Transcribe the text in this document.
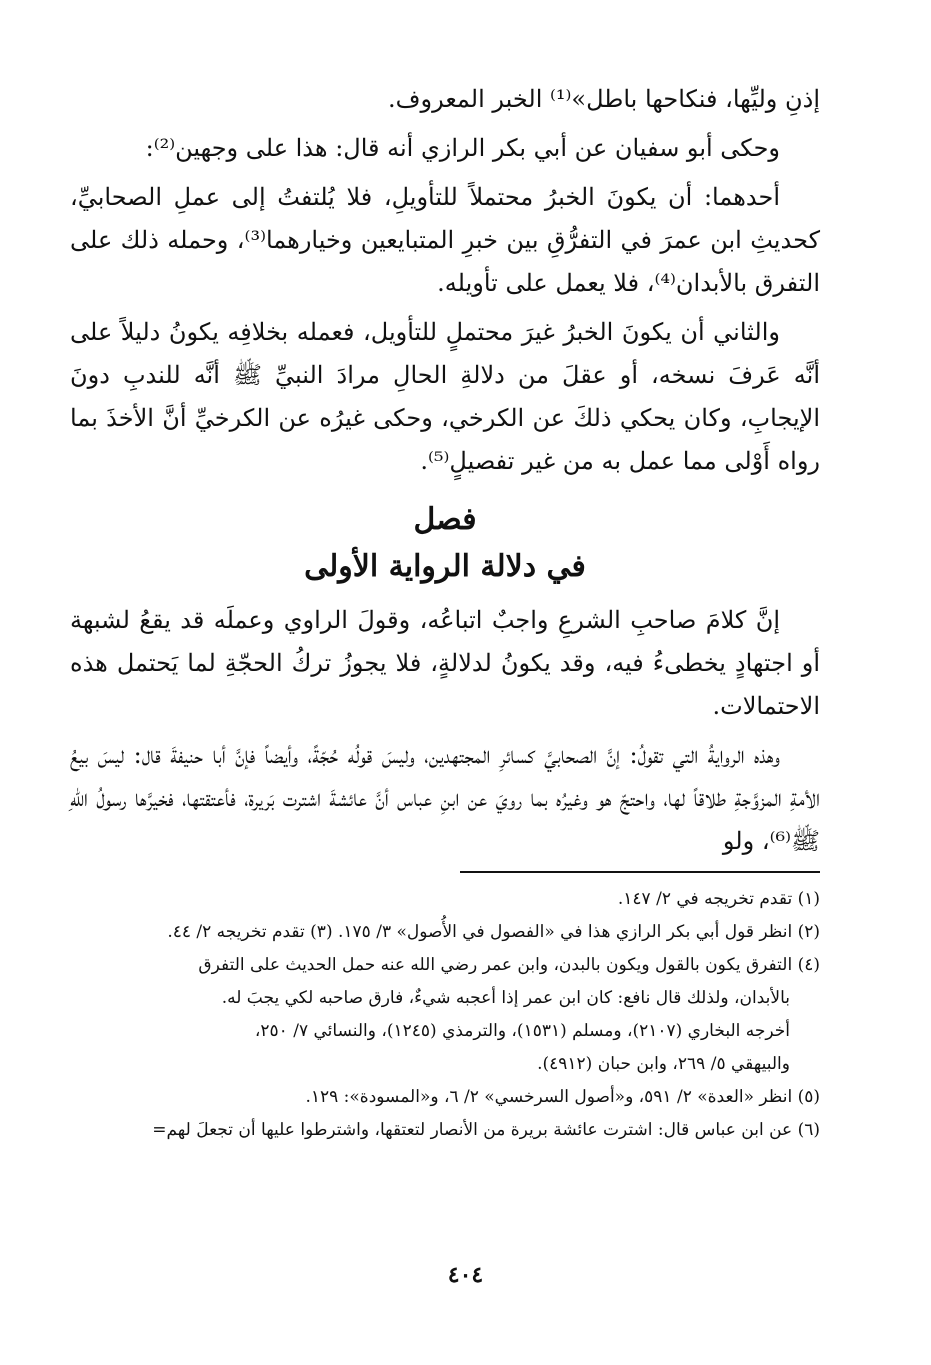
إذنِ وليِّها، فنكاحها باطل»⁽¹⁾ الخبر المعروف.

وحكى أبو سفيان عن أبي بكر الرازي أنه قال: هذا على وجهين⁽²⁾:

أحدهما: أن يكونَ الخبرُ محتملاً للتأويلِ، فلا يُلتفتُ إلى عملِ الصحابيِّ، كحديثِ ابن عمرَ في التفرُّقِ بين خبرِ المتبايعين وخيارهما⁽³⁾، وحمله ذلك على التفرق بالأبدان⁽⁴⁾، فلا يعمل على تأويله.

والثاني أن يكونَ الخبرُ غيرَ محتملٍ للتأويل، فعمله بخلافِه يكونُ دليلاً على أنَّه عَرفَ نسخه، أو عقلَ من دلالةِ الحالِ مرادَ النبيِّ ﷺ أنَّه للندبِ دونَ الإيجابِ، وكان يحكي ذلكَ عن الكرخي، وحكى غيرُه عن الكرخيِّ أنَّ الأخذَ بما رواه أَوْلى مما عمل به من غير تفصيلٍ⁽⁵⁾.

فصل
في دلالة الرواية الأولى

إنَّ كلامَ صاحبِ الشرعِ واجبٌ اتباعُه، وقولَ الراوي وعملَه قد يقعُ لشبهة أو اجتهادٍ يخطىءُ فيه، وقد يكونُ لدلالةٍ، فلا يجوزُ تركُ الحجّةِ لما يَحتمل هذه الاحتمالات.

وهذه الروايةُ التي تقولُ: إنَّ الصحابيَّ كسائرِ المجتهدين، وليسَ قولُه حُجّةً، وأيضاً فإنَّ أبا حنيفةَ قال: ليسَ بيعُ الأمةِ المزوَّجةِ طلاقاً لها، واحتجّ هو وغيرُه بما رويَ عن ابنِ عباس أنَّ عائشةَ اشترت بَريرة، فأعتقتها، فخيرَّها رسولُ اللهِ ﷺ⁽⁶⁾، ولو

(١) تقدم تخريجه في ٢/ ١٤٧.

(٢) انظر قول أبي بكر الرازي هذا في «الفصول في الأُصول» ٣/ ١٧٥. (٣) تقدم تخريجه ٢/ ٤٤.

(٤) التفرق يكون بالقول ويكون بالبدن، وابن عمر رضي الله عنه حمل الحديث على التفرق

بالأبدان، ولذلك قال نافع: كان ابن عمر إذا أعجبه شيءٌ، فارق صاحبه لكي يجبَ له.

أخرجه البخاري (٢١٠٧)، ومسلم (١٥٣١)، والترمذي (١٢٤٥)، والنسائي ٧/ ٢٥٠،

والبيهقي ٥/ ٢٦٩، وابن حبان (٤٩١٢).

(٥) انظر «العدة» ٢/ ٥٩١، و«أصول السرخسي» ٢/ ٦، و«المسودة»: ١٢٩.

(٦) عن ابن عباس قال: اشترت عائشة بريرة من الأنصار لتعتقها، واشترطوا عليها أن تجعلَ لهم=

٤٠٤
